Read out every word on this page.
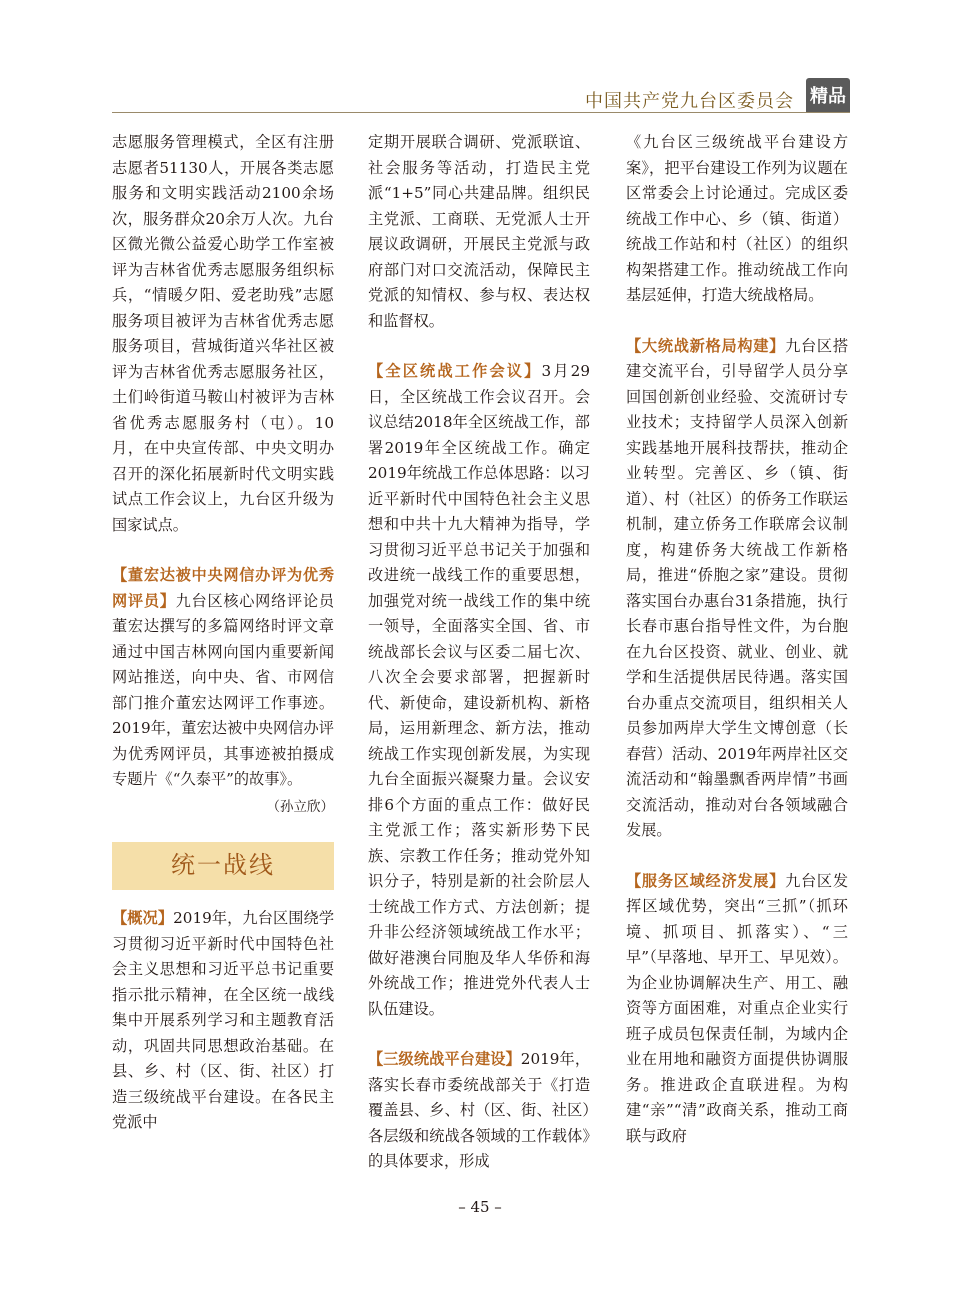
中国共产党九台区委员会 精品

志愿服务管理模式，全区有注册志愿者51130人，开展各类志愿服务和文明实践活动2100余场次，服务群众20余万人次。九台区微光微公益爱心助学工作室被评为吉林省优秀志愿服务组织标兵，“情暖夕阳、爱老助残”志愿服务项目被评为吉林省优秀志愿服务项目，营城街道兴华社区被评为吉林省优秀志愿服务社区，土们岭街道马鞍山村被评为吉林省优秀志愿服务村（屯）。10月，在中央宣传部、中央文明办召开的深化拓展新时代文明实践试点工作会议上，九台区升级为国家试点。

【董宏达被中央网信办评为优秀网评员】九台区核心网络评论员董宏达撰写的多篇网络时评文章通过中国吉林网向国内重要新闻网站推送，向中央、省、市网信部门推介董宏达网评工作事迹。2019年，董宏达被中央网信办评为优秀网评员，其事迹被拍摄成专题片《“久泰平”的故事》。

（孙立欣）
统一战线

【概况】2019年，九台区围绕学习贯彻习近平新时代中国特色社会主义思想和习近平总书记重要指示批示精神，在全区统一战线集中开展系列学习和主题教育活动，巩固共同思想政治基础。在县、乡、村（区、街、社区）打造三级统战平台建设。在各民主党派中

定期开展联合调研、党派联谊、社会服务等活动，打造民主党派“1+5”同心共建品牌。组织民主党派、工商联、无党派人士开展议政调研，开展民主党派与政府部门对口交流活动，保障民主党派的知情权、参与权、表达权和监督权。

【全区统战工作会议】3月29日，全区统战工作会议召开。会议总结2018年全区统战工作，部署2019年全区统战工作。确定2019年统战工作总体思路：以习近平新时代中国特色社会主义思想和中共十九大精神为指导，学习贯彻习近平总书记关于加强和改进统一战线工作的重要思想，加强党对统一战线工作的集中统一领导，全面落实全国、省、市统战部长会议与区委二届七次、八次全会要求部署，把握新时代、新使命，建设新机构、新格局，运用新理念、新方法，推动统战工作实现创新发展，为实现九台全面振兴凝聚力量。会议安排6个方面的重点工作：做好民主党派工作；落实新形势下民族、宗教工作任务；推动党外知识分子，特别是新的社会阶层人士统战工作方式、方法创新；提升非公经济领域统战工作水平；做好港澳台同胞及华人华侨和海外统战工作；推进党外代表人士队伍建设。

【三级统战平台建设】2019年，落实长春市委统战部关于《打造覆盖县、乡、村（区、街、社区）各层级和统战各领域的工作载体》的具体要求，形成

《九台区三级统战平台建设方案》，把平台建设工作列为议题在区常委会上讨论通过。完成区委统战工作中心、乡（镇、街道）统战工作站和村（社区）的组织构架搭建工作。推动统战工作向基层延伸，打造大统战格局。

【大统战新格局构建】九台区搭建交流平台，引导留学人员分享回国创新创业经验、交流研讨专业技术；支持留学人员深入创新实践基地开展科技帮扶，推动企业转型。完善区、乡（镇、街道）、村（社区）的侨务工作联运机制，建立侨务工作联席会议制度，构建侨务大统战工作新格局，推进“侨胞之家”建设。贯彻落实国台办惠台31条措施，执行长春市惠台指导性文件，为台胞在九台区投资、就业、创业、就学和生活提供居民待遇。落实国台办重点交流项目，组织相关人员参加两岸大学生文博创意（长春营）活动、2019年两岸社区交流活动和“翰墨飘香两岸情”书画交流活动，推动对台各领域融合发展。

【服务区域经济发展】九台区发挥区域优势，突出“三抓”（抓环境、抓项目、抓落实）、“三早”（早落地、早开工、早见效）。为企业协调解决生产、用工、融资等方面困难，对重点企业实行班子成员包保责任制，为域内企业在用地和融资方面提供协调服务。推进政企直联进程。为构建“亲”“清”政商关系，推动工商联与政府

– 45 –
